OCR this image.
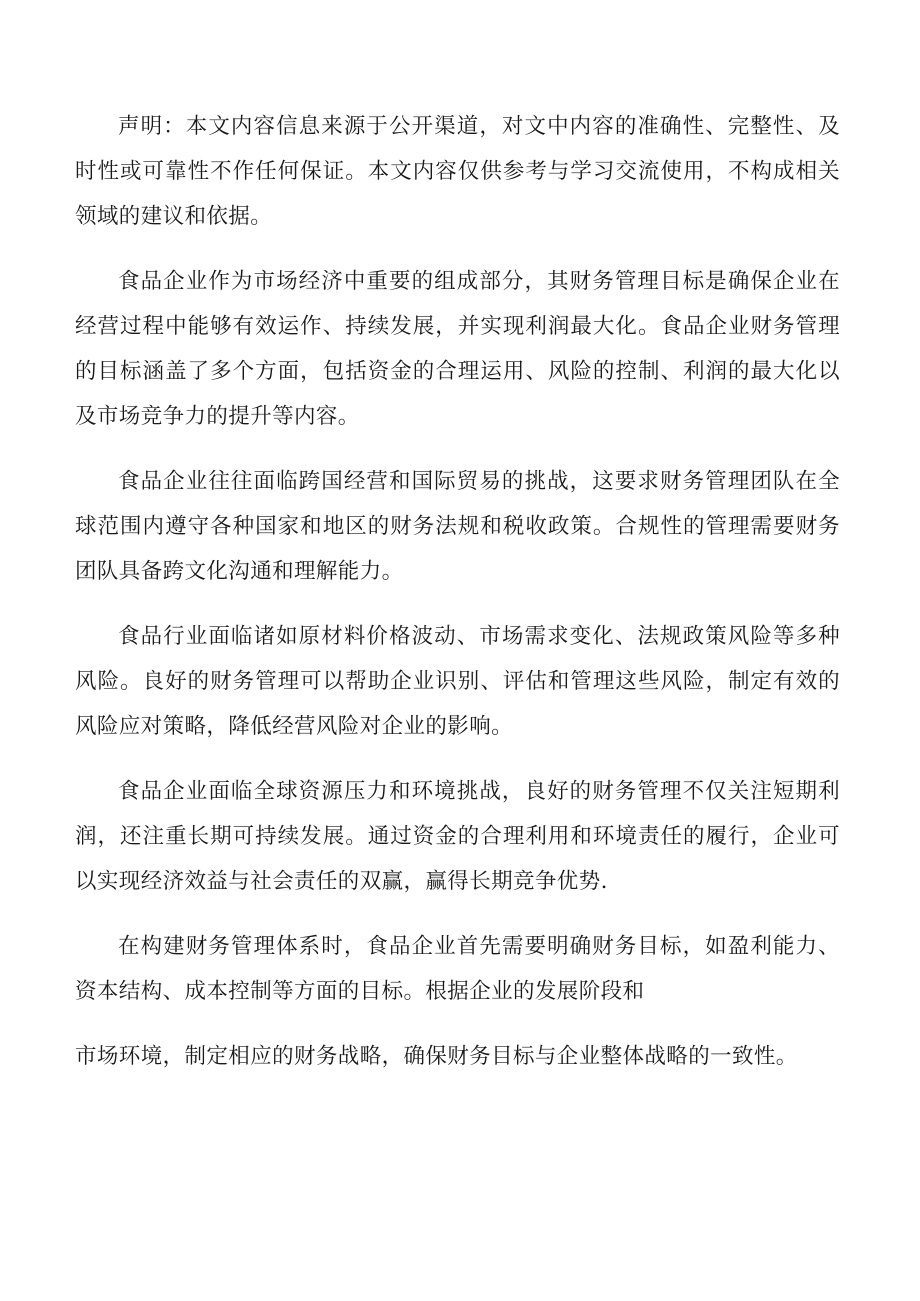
声明：本文内容信息来源于公开渠道，对文中内容的准确性、完整性、及时性或可靠性不作任何保证。本文内容仅供参考与学习交流使用，不构成相关领域的建议和依据。

食品企业作为市场经济中重要的组成部分，其财务管理目标是确保企业在经营过程中能够有效运作、持续发展，并实现利润最大化。食品企业财务管理的目标涵盖了多个方面，包括资金的合理运用、风险的控制、利润的最大化以及市场竞争力的提升等内容。

食品企业往往面临跨国经营和国际贸易的挑战，这要求财务管理团队在全球范围内遵守各种国家和地区的财务法规和税收政策。合规性的管理需要财务团队具备跨文化沟通和理解能力。

食品行业面临诸如原材料价格波动、市场需求变化、法规政策风险等多种风险。良好的财务管理可以帮助企业识别、评估和管理这些风险，制定有效的风险应对策略，降低经营风险对企业的影响。

食品企业面临全球资源压力和环境挑战，良好的财务管理不仅关注短期利润，还注重长期可持续发展。通过资金的合理利用和环境责任的履行，企业可以实现经济效益与社会责任的双赢，赢得长期竞争优势.

在构建财务管理体系时，食品企业首先需要明确财务目标，如盈利能力、资本结构、成本控制等方面的目标。根据企业的发展阶段和

市场环境，制定相应的财务战略，确保财务目标与企业整体战略的一致性。
